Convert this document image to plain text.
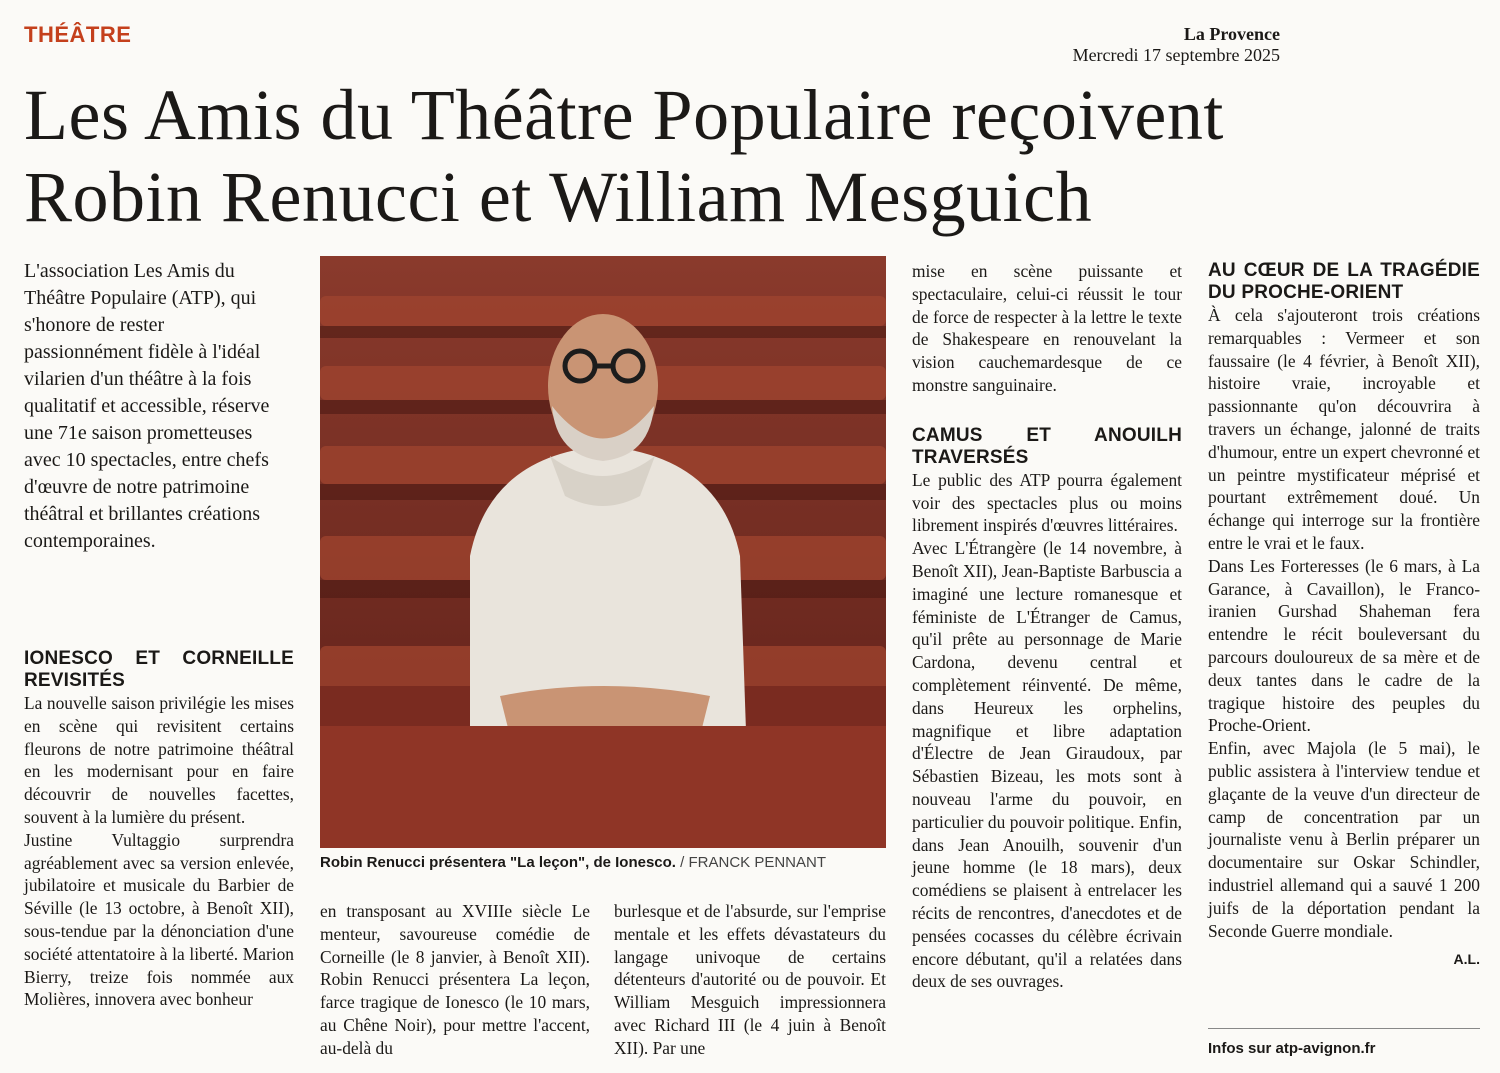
THÉÂTRE	La Provence
Mercredi 17 septembre 2025
Les Amis du Théâtre Populaire reçoivent
Robin Renucci et William Mesguich
L'association Les Amis du Théâtre Populaire (ATP), qui s'honore de rester passionnément fidèle à l'idéal vilarien d'un théâtre à la fois qualitatif et accessible, réserve une 71e saison prometteuses avec 10 spectacles, entre chefs d'œuvre de notre patrimoine théâtral et brillantes créations contemporaines.
IONESCO ET CORNEILLE REVISITÉS

La nouvelle saison privilégie les mises en scène qui revisitent certains fleurons de notre patrimoine théâtral en les modernisant pour en faire découvrir de nouvelles facettes, souvent à la lumière du présent.

Justine Vultaggio surprendra agréablement avec sa version enlevée, jubilatoire et musicale du Barbier de Séville (le 13 octobre, à Benoît XII), sous-tendue par la dénonciation d'une société attentatoire à la liberté. Marion Bierry, treize fois nommée aux Molières, innovera avec bonheur

Robin Renucci présentera "La leçon", de Ionesco. / FRANCK PENNANT
en transposant au XVIIIe siècle Le menteur, savoureuse comédie de Corneille (le 8 janvier, à Benoît XII). Robin Renucci présentera La leçon, farce tragique de Ionesco (le 10 mars, au Chêne Noir), pour mettre l'accent, au-delà du
burlesque et de l'absurde, sur l'emprise mentale et les effets dévastateurs du langage univoque de certains détenteurs d'autorité ou de pouvoir. Et William Mesguich impressionnera avec Richard III (le 4 juin à Benoît XII). Par une

mise en scène puissante et spectaculaire, celui-ci réussit le tour de force de respecter à la lettre le texte de Shakespeare en renouvelant la vision cauchemardesque de ce monstre sanguinaire.

CAMUS ET ANOUILH TRAVERSÉS

Le public des ATP pourra également voir des spectacles plus ou moins librement inspirés d'œuvres littéraires.

Avec L'Étrangère (le 14 novembre, à Benoît XII), Jean-Baptiste Barbuscia a imaginé une lecture romanesque et féministe de L'Étranger de Camus, qu'il prête au personnage de Marie Cardona, devenu central et complètement réinventé. De même, dans Heureux les orphelins, magnifique et libre adaptation d'Électre de Jean Giraudoux, par Sébastien Bizeau, les mots sont à nouveau l'arme du pouvoir, en particulier du pouvoir politique. Enfin, dans Jean Anouilh, souvenir d'un jeune homme (le 18 mars), deux comédiens se plaisent à entrelacer les récits de rencontres, d'anecdotes et de pensées cocasses du célèbre écrivain encore débutant, qu'il a relatées dans deux de ses ouvrages.

AU CŒUR DE LA TRAGÉDIE DU PROCHE-ORIENT

À cela s'ajouteront trois créations remarquables : Vermeer et son faussaire (le 4 février, à Benoît XII), histoire vraie, incroyable et passionnante qu'on découvrira à travers un échange, jalonné de traits d'humour, entre un expert chevronné et un peintre mystificateur méprisé et pourtant extrêmement doué. Un échange qui interroge sur la frontière entre le vrai et le faux.

Dans Les Forteresses (le 6 mars, à La Garance, à Cavaillon), le Franco-iranien Gurshad Shaheman fera entendre le récit bouleversant du parcours douloureux de sa mère et de deux tantes dans le cadre de la tragique histoire des peuples du Proche-Orient.

Enfin, avec Majola (le 5 mai), le public assistera à l'interview tendue et glaçante de la veuve d'un directeur de camp de concentration par un journaliste venu à Berlin préparer un documentaire sur Oskar Schindler, industriel allemand qui a sauvé 1 200 juifs de la déportation pendant la Seconde Guerre mondiale.

A.L.
Infos sur atp-avignon.fr
